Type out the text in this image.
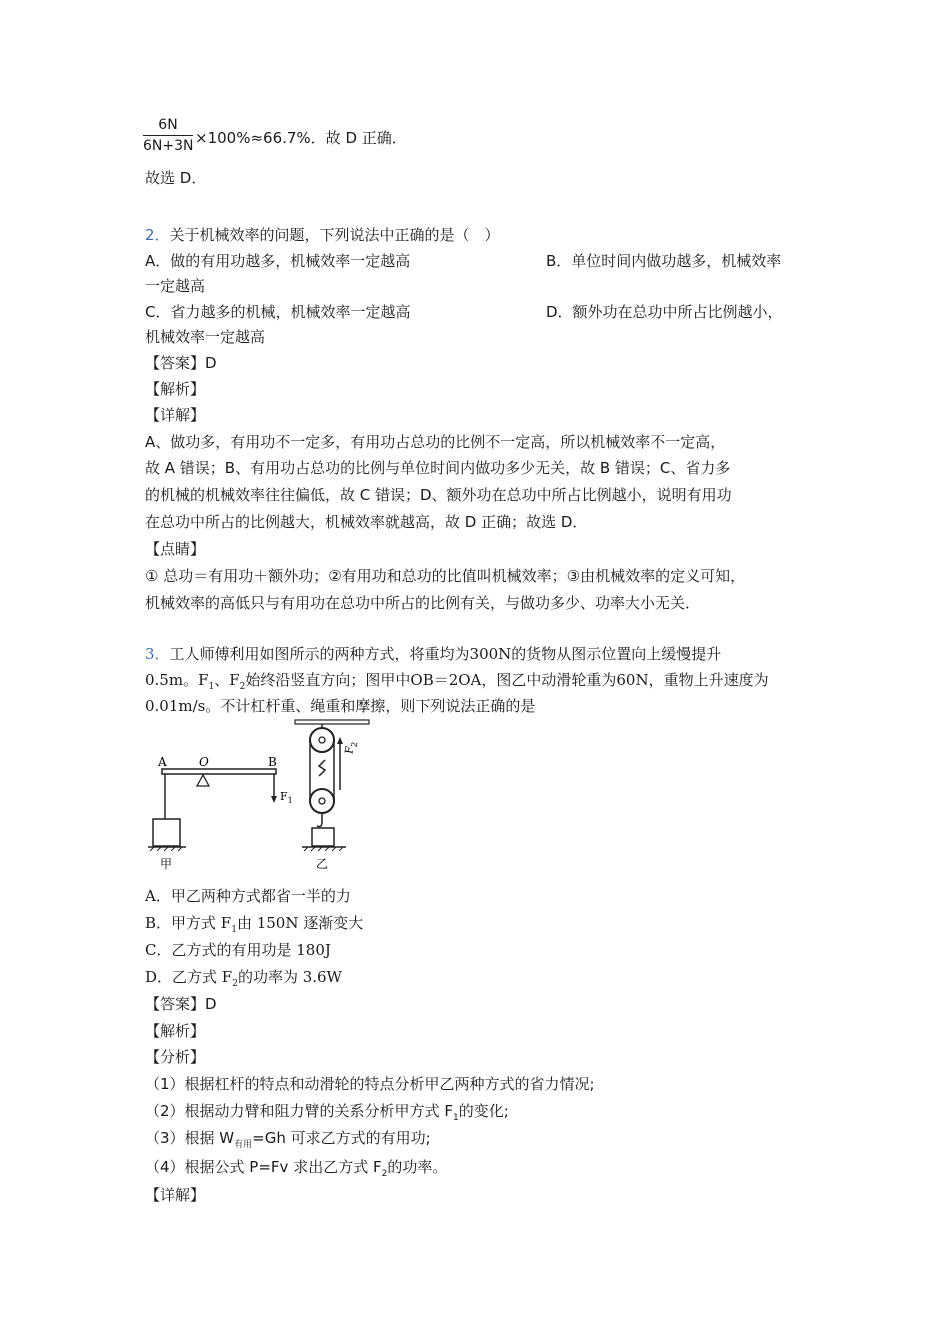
6N
6N+3N ×100%≈66.7%．故 D 正确．
故选 D．
2．关于机械效率的问题，下列说法中正确的是（　）
A．做的有用功越多，机械效率一定越高	B．单位时间内做功越多，机械效率
一定越高
C．省力越多的机械，机械效率一定越高	D．额外功在总功中所占比例越小，
机械效率一定越高
【答案】D
【解析】
【详解】
A、做功多，有用功不一定多，有用功占总功的比例不一定高，所以机械效率不一定高，
故 A 错误；B、有用功占总功的比例与单位时间内做功多少无关，故 B 错误；C、省力多
的机械的机械效率往往偏低，故 C 错误；D、额外功在总功中所占比例越小，说明有用功
在总功中所占的比例越大，机械效率就越高，故 D 正确；故选 D．
【点睛】
① 总功＝有用功＋额外功；②有用功和总功的比值叫机械效率；③由机械效率的定义可知，
机械效率的高低只与有用功在总功中所占的比例有关，与做功多少、功率大小无关．
3．工人师傅利用如图所示的两种方式，将重均为300N的货物从图示位置向上缓慢提升
0.5m。$F_1$、$F_2$始终沿竖直方向；图甲中OB＝2OA，图乙中动滑轮重为60N，重物上升速度为
0.01m/s。不计杠杆重、绳重和摩擦，则下列说法正确的是
A	O	B
$F_1$
甲
$F_2$
乙
A．甲乙两种方式都省一半的力
B．甲方式 $F_1$由 150N 逐渐变大
C．乙方式的有用功是 180J
D．乙方式 $F_2$的功率为 3.6W
【答案】D
【解析】
【分析】
（1）根据杠杆的特点和动滑轮的特点分析甲乙两种方式的省力情况;
（2）根据动力臂和阻力臂的关系分析甲方式 $F_1$的变化;
（3）根据 $W_{有用}=Gh$ 可求乙方式的有用功;
（4）根据公式 P=Fv 求出乙方式 $F_2$的功率。
【详解】
